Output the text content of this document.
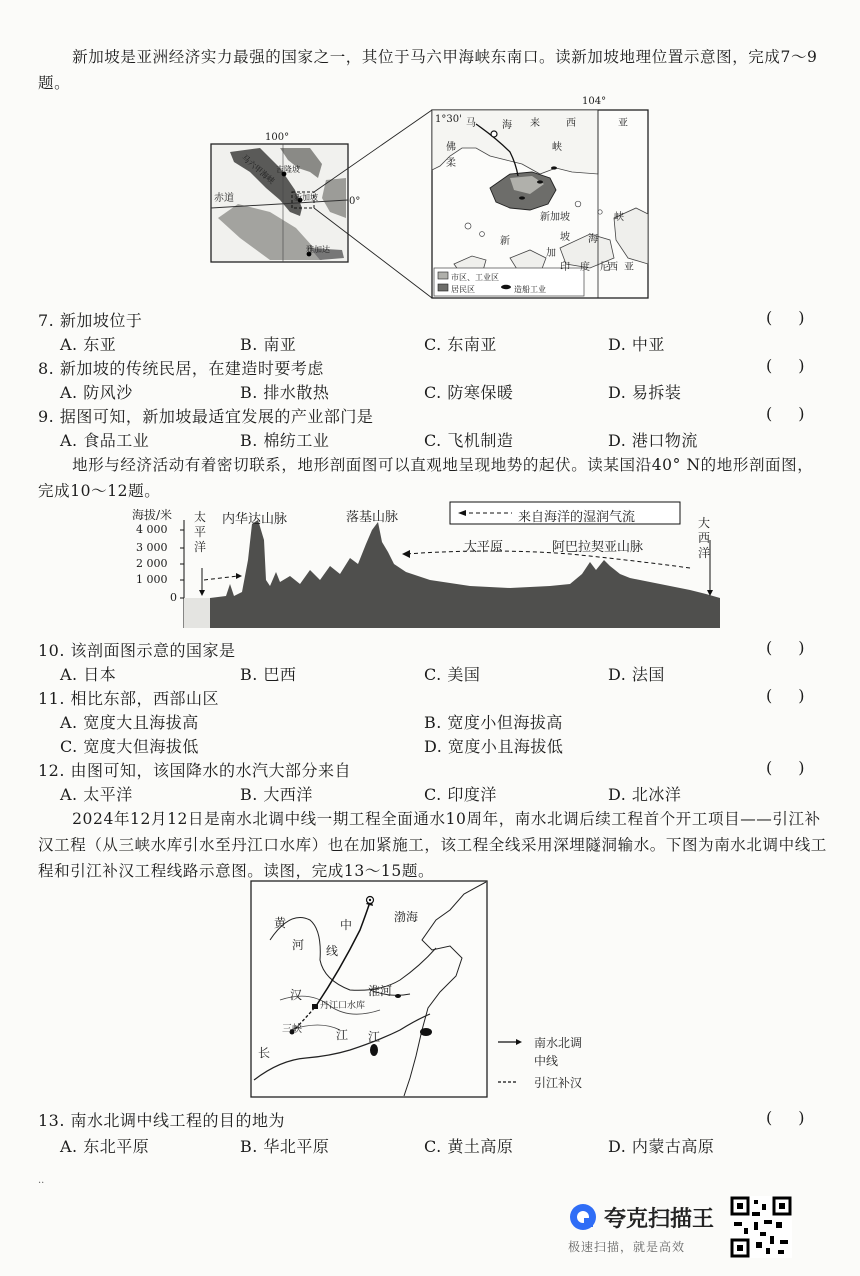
新加坡是亚洲经济实力最强的国家之一，其位于马六甲海峡东南口。读新加坡地理位置示意图，完成7～9题。
100°
0°
赤道
马六甲海峡 吉隆坡
新加坡
雅加达
1°30'
104°
马	来	西	亚
佛
柔
海
峡
新加坡
新	坡
加
印 度 尼
西 亚
峡
海
市区、工业区
居民区	造船工业
7. 新加坡位于	()
A. 东亚	B. 南亚	C. 东南亚	D. 中亚
8. 新加坡的传统民居，在建造时要考虑	()
A. 防风沙	B. 排水散热	C. 防寒保暖	D. 易拆装
9. 据图可知，新加坡最适宜发展的产业部门是	()
A. 食品工业	B. 棉纺工业	C. 飞机制造	D. 港口物流
地形与经济活动有着密切联系，地形剖面图可以直观地呈现地势的起伏。读某国沿40° N的地形剖面图，完成10～12题。
海拔/米
4 000
3 000
2 000
1 000
0
太
平
洋
大
西
洋
内华达山脉	落基山脉	来自海洋的湿润气流
大平原	阿巴拉契亚山脉
10. 该剖面图示意的国家是	()
A. 日本	B. 巴西	C. 美国	D. 法国
11. 相比东部，西部山区	()
A. 宽度大且海拔高	B. 宽度小但海拔高
C. 宽度大但海拔低	D. 宽度小且海拔低
12. 由图可知，该国降水的水汽大部分来自	()
A. 太平洋	B. 大西洋	C. 印度洋	D. 北冰洋
2024年12月12日是南水北调中线一期工程全面通水10周年，南水北调后续工程首个开工项目——引江补汉工程（从三峡水库引水至丹江口水库）也在加紧施工，该工程全线采用深埋隧洞输水。下图为南水北调中线工程和引江补汉工程线路示意图。读图，完成13～15题。
黄
河
中
线
渤海
汉
丹江口水库
淮河
三峡	江 江
长
南水北调
中线
引江补汉
13. 南水北调中线工程的目的地为	()
A. 东北平原	B. 华北平原	C. 黄土高原	D. 内蒙古高原
··
夸克扫描王
极速扫描，就是高效
